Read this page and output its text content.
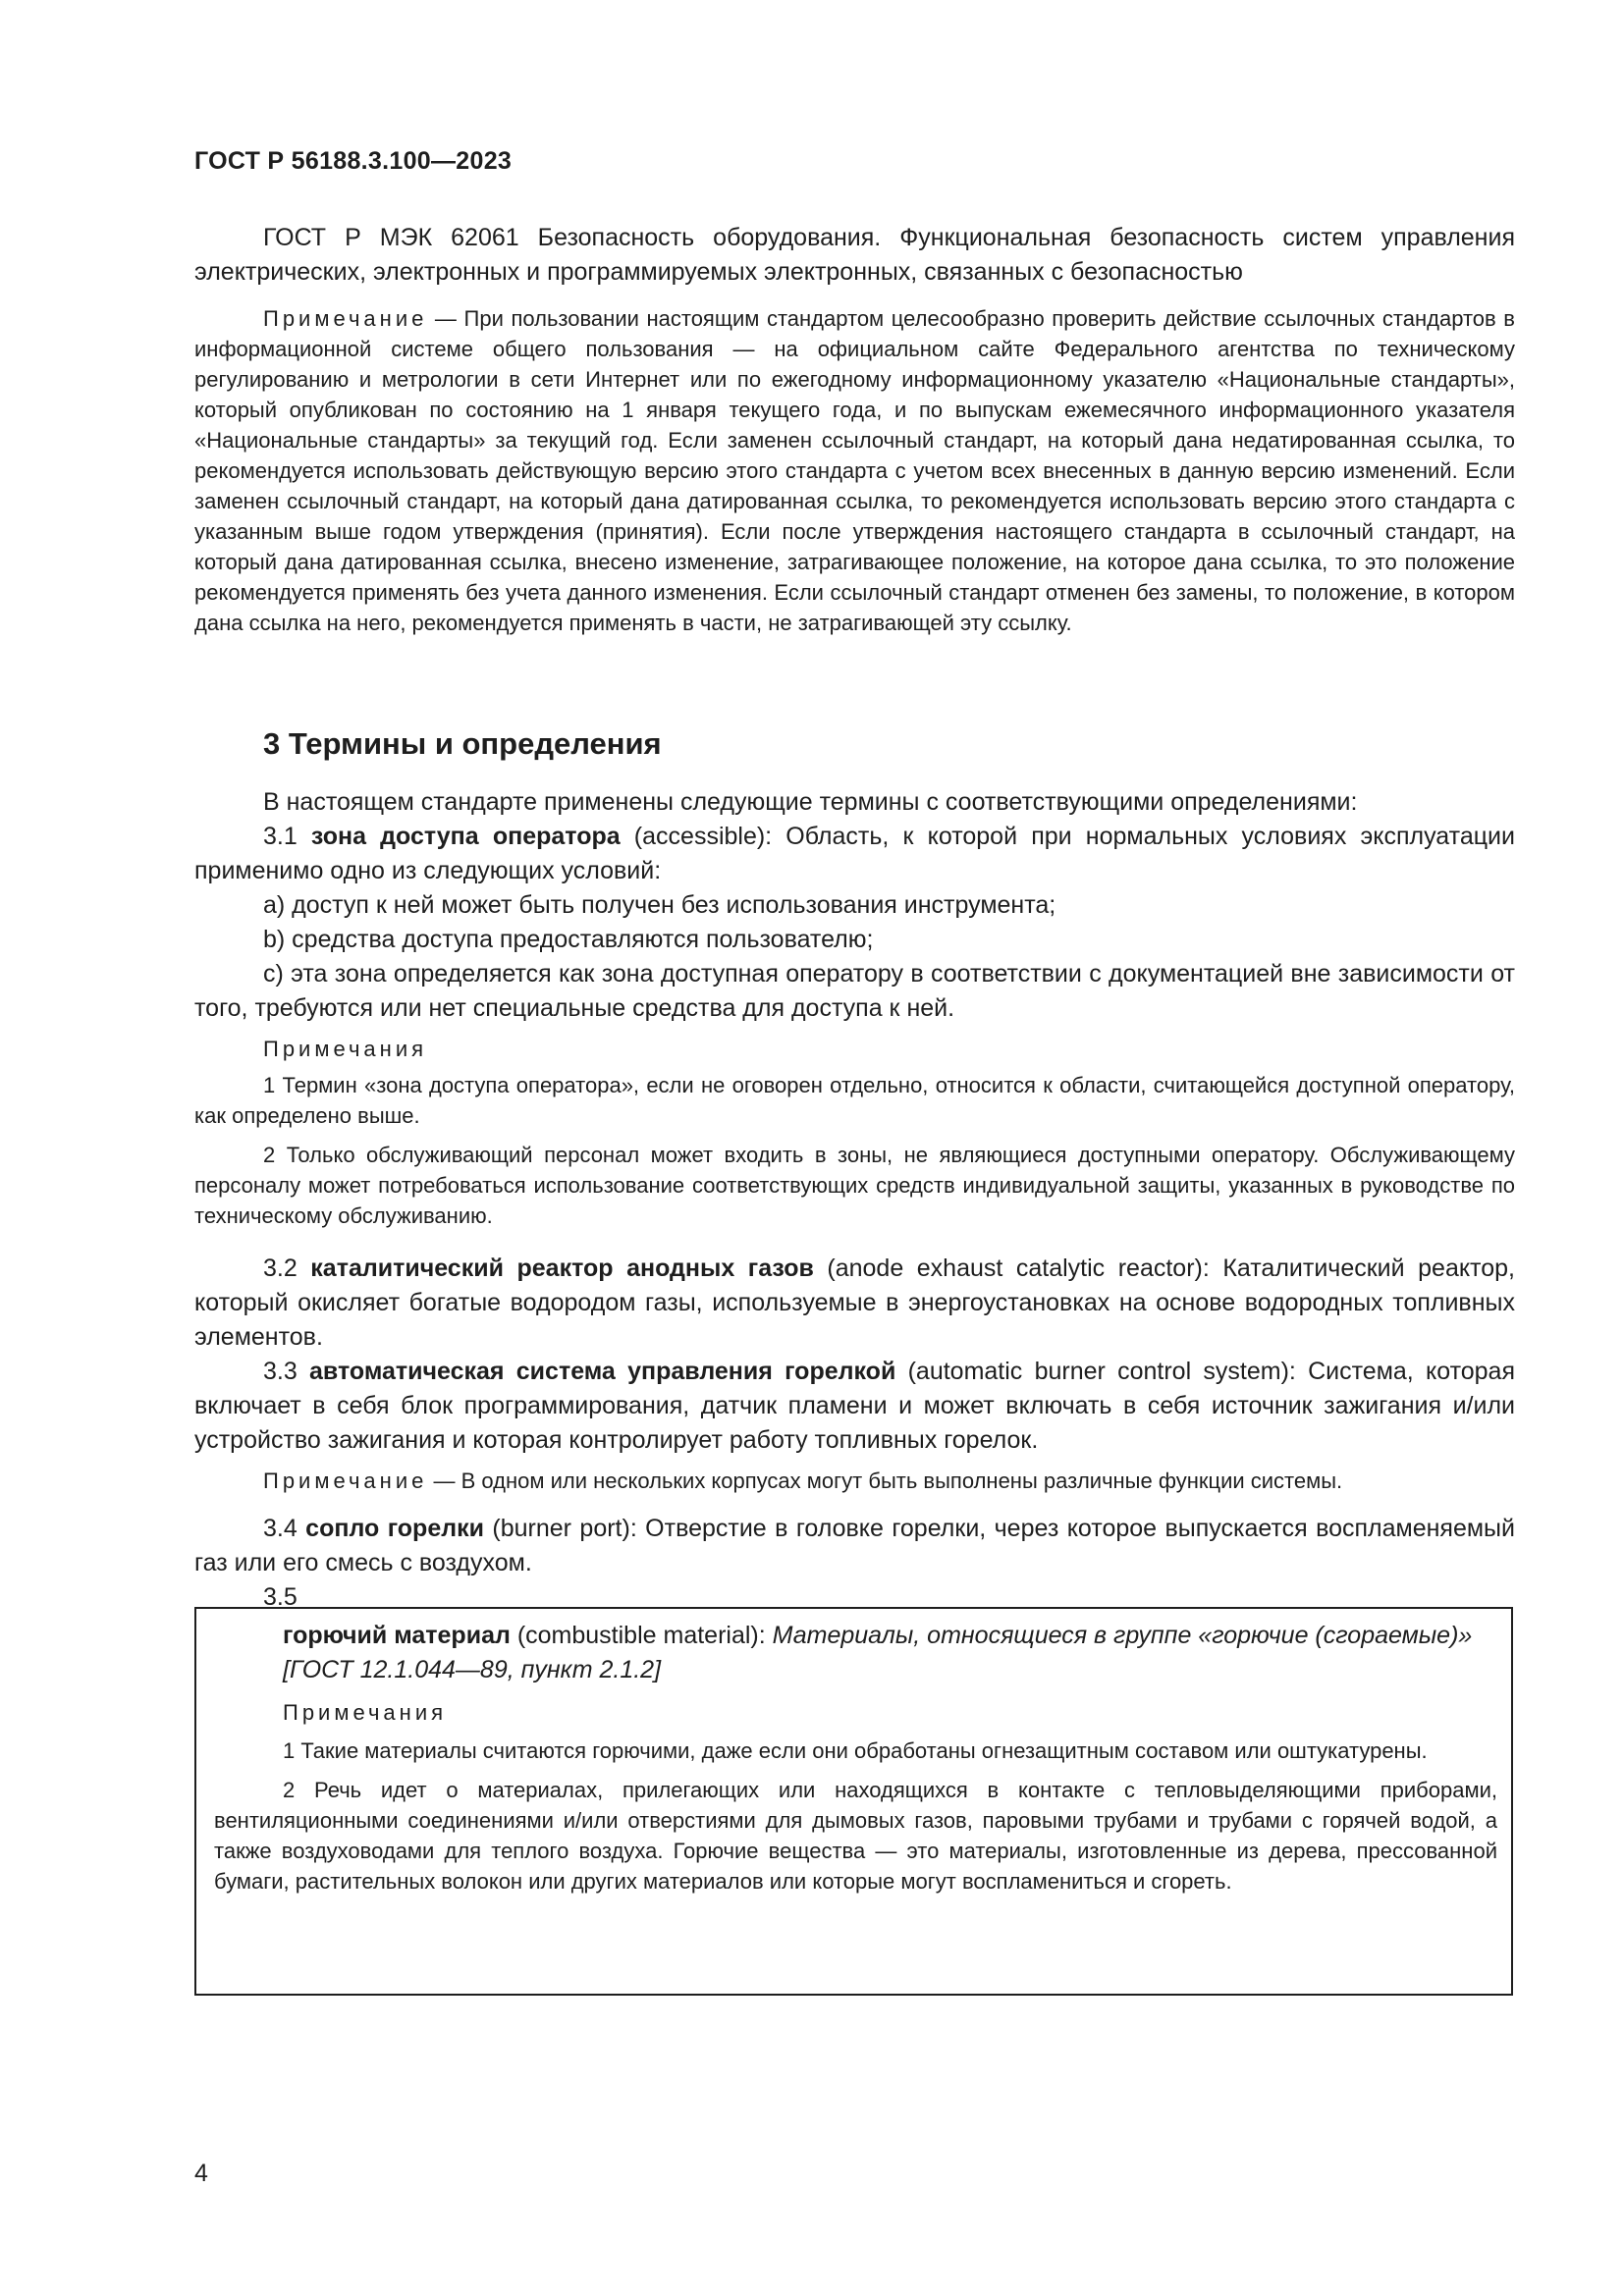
ГОСТ Р 56188.3.100—2023

ГОСТ Р МЭК 62061 Безопасность оборудования. Функциональная безопасность систем управления электрических, электронных и программируемых электронных, связанных с безопасностью

Примечание — При пользовании настоящим стандартом целесообразно проверить действие ссылочных стандартов в информационной системе общего пользования — на официальном сайте Федерального агентства по техническому регулированию и метрологии в сети Интернет или по ежегодному информационному указателю «Национальные стандарты», который опубликован по состоянию на 1 января текущего года, и по выпускам ежемесячного информационного указателя «Национальные стандарты» за текущий год. Если заменен ссылочный стандарт, на который дана недатированная ссылка, то рекомендуется использовать действующую версию этого стандарта с учетом всех внесенных в данную версию изменений. Если заменен ссылочный стандарт, на который дана датированная ссылка, то рекомендуется использовать версию этого стандарта с указанным выше годом утверждения (принятия). Если после утверждения настоящего стандарта в ссылочный стандарт, на который дана датированная ссылка, внесено изменение, затрагивающее положение, на которое дана ссылка, то это положение рекомендуется применять без учета данного изменения. Если ссылочный стандарт отменен без замены, то положение, в котором дана ссылка на него, рекомендуется применять в части, не затрагивающей эту ссылку.

3 Термины и определения

В настоящем стандарте применены следующие термины с соответствующими определениями:

3.1 зона доступа оператора (accessible): Область, к которой при нормальных условиях эксплуатации применимо одно из следующих условий:

a) доступ к ней может быть получен без использования инструмента;

b) средства доступа предоставляются пользователю;

c) эта зона определяется как зона доступная оператору в соответствии с документацией вне зависимости от того, требуются или нет специальные средства для доступа к ней.

Примечания

1 Термин «зона доступа оператора», если не оговорен отдельно, относится к области, считающейся доступной оператору, как определено выше.

2 Только обслуживающий персонал может входить в зоны, не являющиеся доступными оператору. Обслуживающему персоналу может потребоваться использование соответствующих средств индивидуальной защиты, указанных в руководстве по техническому обслуживанию.

3.2 каталитический реактор анодных газов (anode exhaust catalytic reactor): Каталитический реактор, который окисляет богатые водородом газы, используемые в энергоустановках на основе водородных топливных элементов.

3.3 автоматическая система управления горелкой (automatic burner control system): Система, которая включает в себя блок программирования, датчик пламени и может включать в себя источник зажигания и/или устройство зажигания и которая контролирует работу топливных горелок.

Примечание — В одном или нескольких корпусах могут быть выполнены различные функции системы.

3.4 сопло горелки (burner port): Отверстие в головке горелки, через которое выпускается воспламеняемый газ или его смесь с воздухом.

3.5

горючий материал (combustible material): Материалы, относящиеся в группе «горючие (сгораемые)»

[ГОСТ 12.1.044—89, пункт 2.1.2]

Примечания

1 Такие материалы считаются горючими, даже если они обработаны огнезащитным составом или оштукатурены.

2 Речь идет о материалах, прилегающих или находящихся в контакте с тепловыделяющими приборами, вентиляционными соединениями и/или отверстиями для дымовых газов, паровыми трубами и трубами с горячей водой, а также воздуховодами для теплого воздуха. Горючие вещества — это материалы, изготовленные из дерева, прессованной бумаги, растительных волокон или других материалов или которые могут воспламениться и сгореть.

4
